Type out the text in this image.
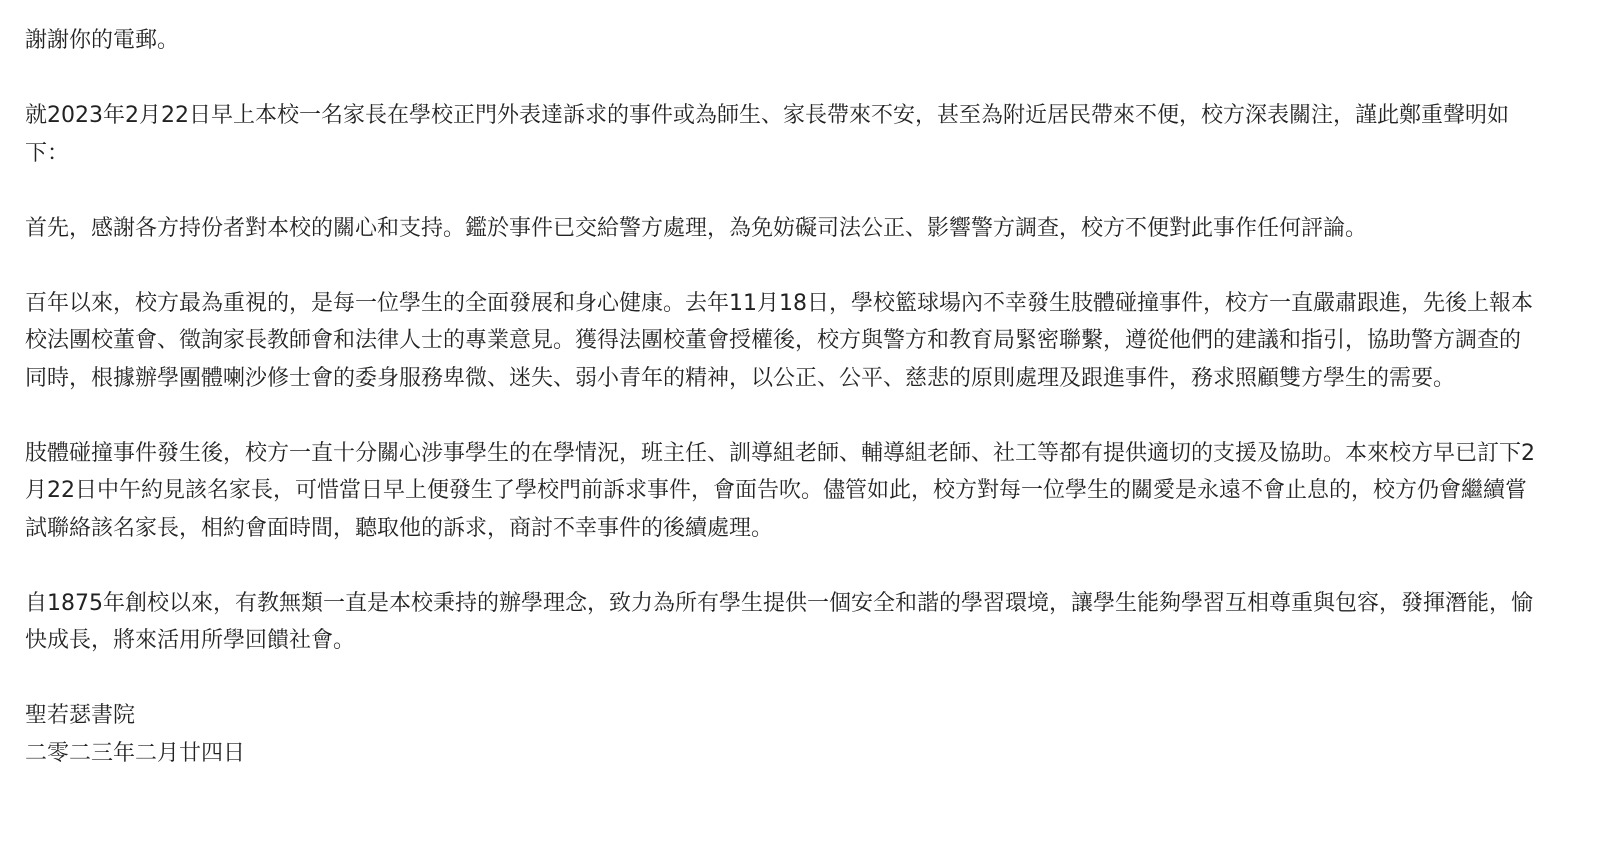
謝謝你的電郵。

就2023年2月22日早上本校一名家長在學校正門外表達訴求的事件或為師生、家長帶來不安，甚至為附近居民帶來不便，校方深表關注，謹此鄭重聲明如下：

首先，感謝各方持份者對本校的關心和支持。鑑於事件已交給警方處理，為免妨礙司法公正、影響警方調查，校方不便對此事作任何評論。

百年以來，校方最為重視的，是每一位學生的全面發展和身心健康。去年11月18日，學校籃球場內不幸發生肢體碰撞事件，校方一直嚴肅跟進，先後上報本校法團校董會、徵詢家長教師會和法律人士的專業意見。獲得法團校董會授權後，校方與警方和教育局緊密聯繫，遵從他們的建議和指引，協助警方調查的同時，根據辦學團體喇沙修士會的委身服務卑微、迷失、弱小青年的精神，以公正、公平、慈悲的原則處理及跟進事件，務求照顧雙方學生的需要。

肢體碰撞事件發生後，校方一直十分關心涉事學生的在學情況，班主任、訓導組老師、輔導組老師、社工等都有提供適切的支援及協助。本來校方早已訂下2月22日中午約見該名家長，可惜當日早上便發生了學校門前訴求事件，會面告吹。儘管如此，校方對每一位學生的關愛是永遠不會止息的，校方仍會繼續嘗試聯絡該名家長，相約會面時間，聽取他的訴求，商討不幸事件的後續處理。

自1875年創校以來，有教無類一直是本校秉持的辦學理念，致力為所有學生提供一個安全和諧的學習環境，讓學生能夠學習互相尊重與包容，發揮潛能，愉快成長，將來活用所學回饋社會。

聖若瑟書院
二零二三年二月廿四日
